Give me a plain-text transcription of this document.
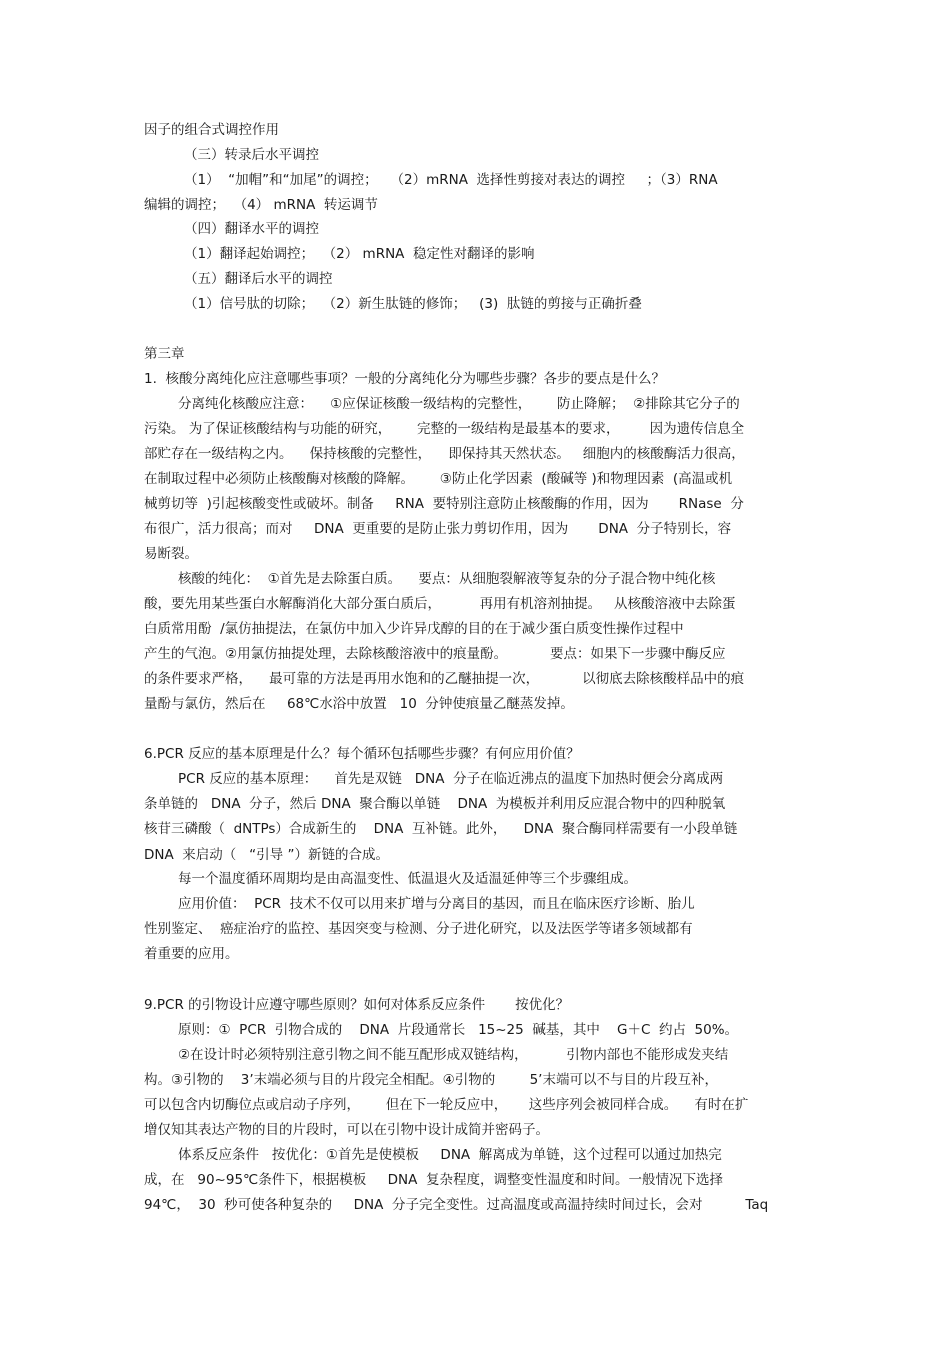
因子的组合式调控作用
（三）转录后水平调控
（1）  “加帽”和“加尾”的调控；   （2）mRNA  选择性剪接对表达的调控     ；（3）RNA
编辑的调控；  （4） mRNA  转运调节
（四）翻译水平的调控
（1）翻译起始调控；  （2） mRNA  稳定性对翻译的影响
（五）翻译后水平的调控
（1）信号肽的切除；  （2）新生肽链的修饰；   (3)  肽链的剪接与正确折叠
第三章
1.  核酸分离纯化应注意哪些事项？一般的分离纯化分为哪些步骤？各步的要点是什么？
分离纯化核酸应注意：    ①应保证核酸一级结构的完整性，      防止降解；  ②排除其它分子的
污染。 为了保证核酸结构与功能的研究，      完整的一级结构是最基本的要求，       因为遗传信息全
部贮存在一级结构之内。    保持核酸的完整性，    即保持其天然状态。   细胞内的核酸酶活力很高，
在制取过程中必须防止核酸酶对核酸的降解。      ③防止化学因素  (酸碱等 )和物理因素  (高温或机
械剪切等  )引起核酸变性或破坏。制备     RNA  要特别注意防止核酸酶的作用，因为       RNase  分
布很广，活力很高；而对     DNA  更重要的是防止张力剪切作用，因为       DNA  分子特别长，容
易断裂。
核酸的纯化：  ①首先是去除蛋白质。    要点：从细胞裂解液等复杂的分子混合物中纯化核
酸，要先用某些蛋白水解酶消化大部分蛋白质后，         再用有机溶剂抽提。   从核酸溶液中去除蛋
白质常用酚  /氯仿抽提法，在氯仿中加入少许异戊醇的目的在于减少蛋白质变性操作过程中
产生的气泡。②用氯仿抽提处理，去除核酸溶液中的痕量酚。          要点：如果下一步骤中酶反应
的条件要求严格，    最可靠的方法是再用水饱和的乙醚抽提一次，          以彻底去除核酸样品中的痕
量酚与氯仿，然后在     68℃水浴中放置   10  分钟使痕量乙醚蒸发掉。
6.PCR 反应的基本原理是什么？每个循环包括哪些步骤？有何应用价值？
PCR 反应的基本原理：    首先是双链   DNA  分子在临近沸点的温度下加热时便会分离成两
条单链的   DNA  分子，然后 DNA  聚合酶以单链    DNA  为模板并利用反应混合物中的四种脱氧
核苷三磷酸（  dNTPs）合成新生的    DNA  互补链。此外，    DNA  聚合酶同样需要有一小段单链
DNA  来启动（   “引导 ”）新链的合成。
每一个温度循环周期均是由高温变性、低温退火及适温延伸等三个步骤组成。
应用价值：  PCR  技术不仅可以用来扩增与分离目的基因，而且在临床医疗诊断、胎儿
性别鉴定、  癌症治疗的监控、基因突变与检测、分子进化研究，以及法医学等诸多领域都有
着重要的应用。
9.PCR 的引物设计应遵守哪些原则？如何对体系反应条件       按优化？
原则：①  PCR  引物合成的    DNA  片段通常长   15~25  碱基，其中    G＋C  约占  50%。
②在设计时必须特别注意引物之间不能互配形成双链结构，         引物内部也不能形成发夹结
构。③引物的    3’末端必须与目的片段完全相配。④引物的        5’末端可以不与目的片段互补，
可以包含内切酶位点或启动子序列，      但在下一轮反应中，     这些序列会被同样合成。    有时在扩
增仅知其表达产物的目的片段时，可以在引物中设计成简并密码子。
体系反应条件   按优化：①首先是使模板     DNA  解离成为单链，这个过程可以通过加热完
成，在   90~95℃条件下，根据模板     DNA  复杂程度，调整变性温度和时间。一般情况下选择
94℃，  30  秒可使各种复杂的     DNA  分子完全变性。过高温度或高温持续时间过长，会对          Taq
